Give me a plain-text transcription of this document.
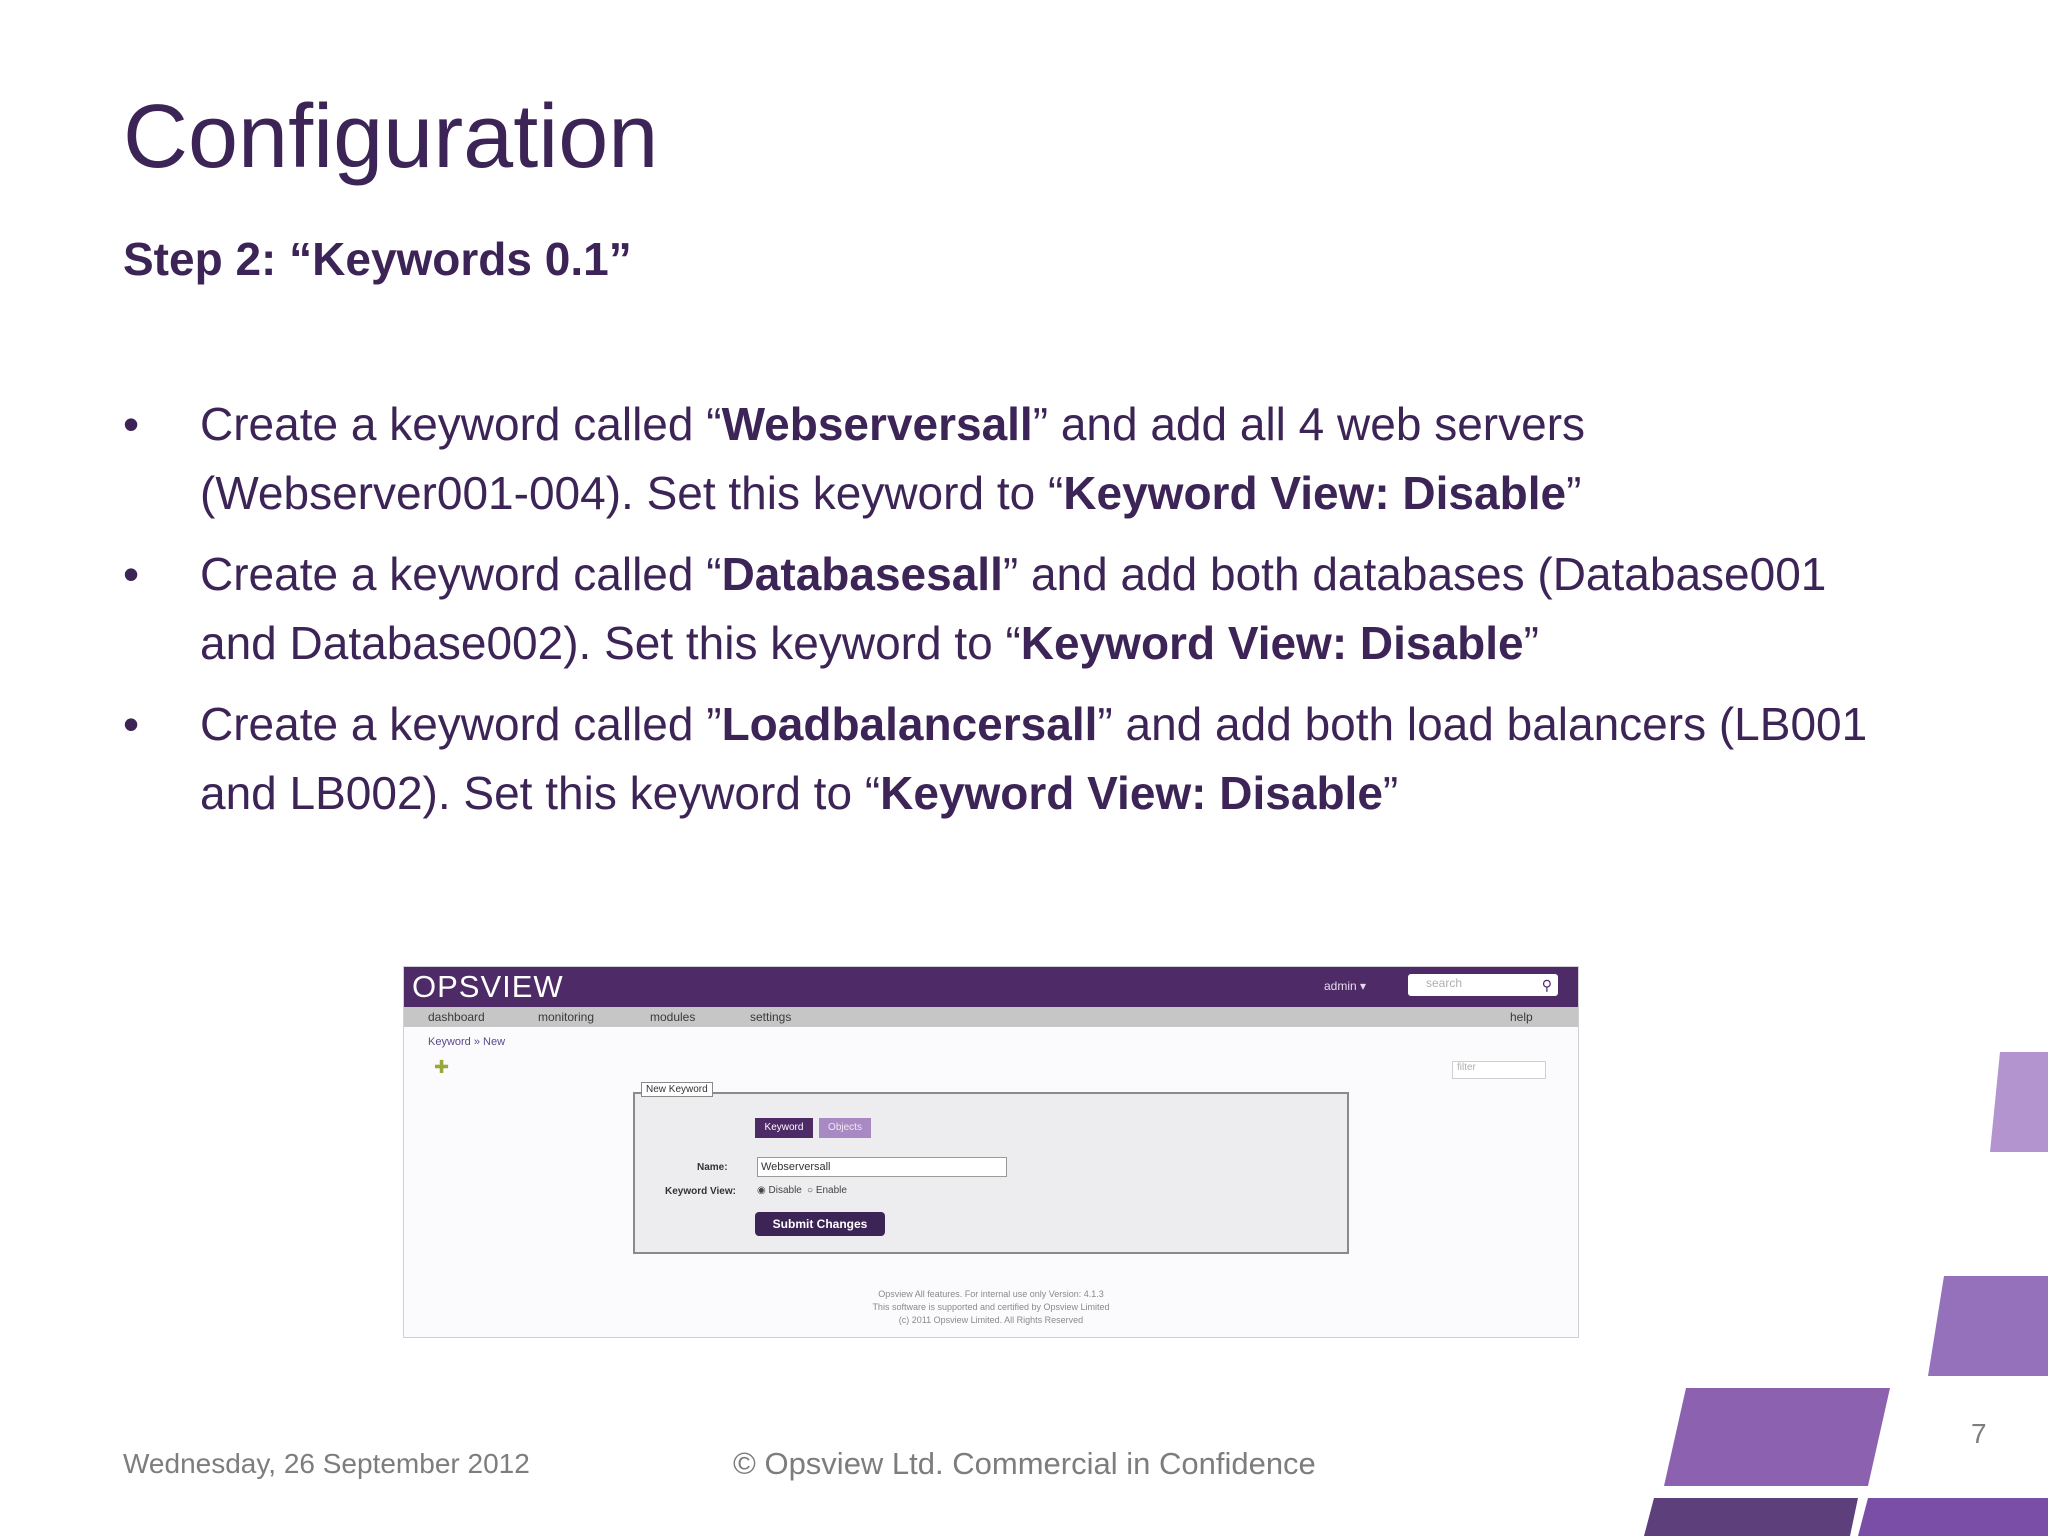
Configuration
Step 2: “Keywords 0.1”
• Create a keyword called “Webserversall” and add all 4 web servers (Webserver001-004). Set this keyword to “Keyword View: Disable”
• Create a keyword called “Databasesall” and add both databases (Database001 and Database002). Set this keyword to “Keyword View: Disable”
• Create a keyword called ”Loadbalancersall” and add both load balancers (LB001 and LB002). Set this keyword to “Keyword View: Disable”
OPSVIEW	admin ▾	search	⚲
dashboard	monitoring	modules	settings	help
Keyword » New
✚	filter
New Keyword
Keyword	Objects
Name:	Webserversall
Keyword View: ◉ Disable ○ Enable
Submit Changes
Opsview All features. For internal use only Version: 4.1.3
This software is supported and certified by Opsview Limited
(c) 2011 Opsview Limited. All Rights Reserved
Wednesday, 26 September 2012	© Opsview Ltd. Commercial in Confidence
7
